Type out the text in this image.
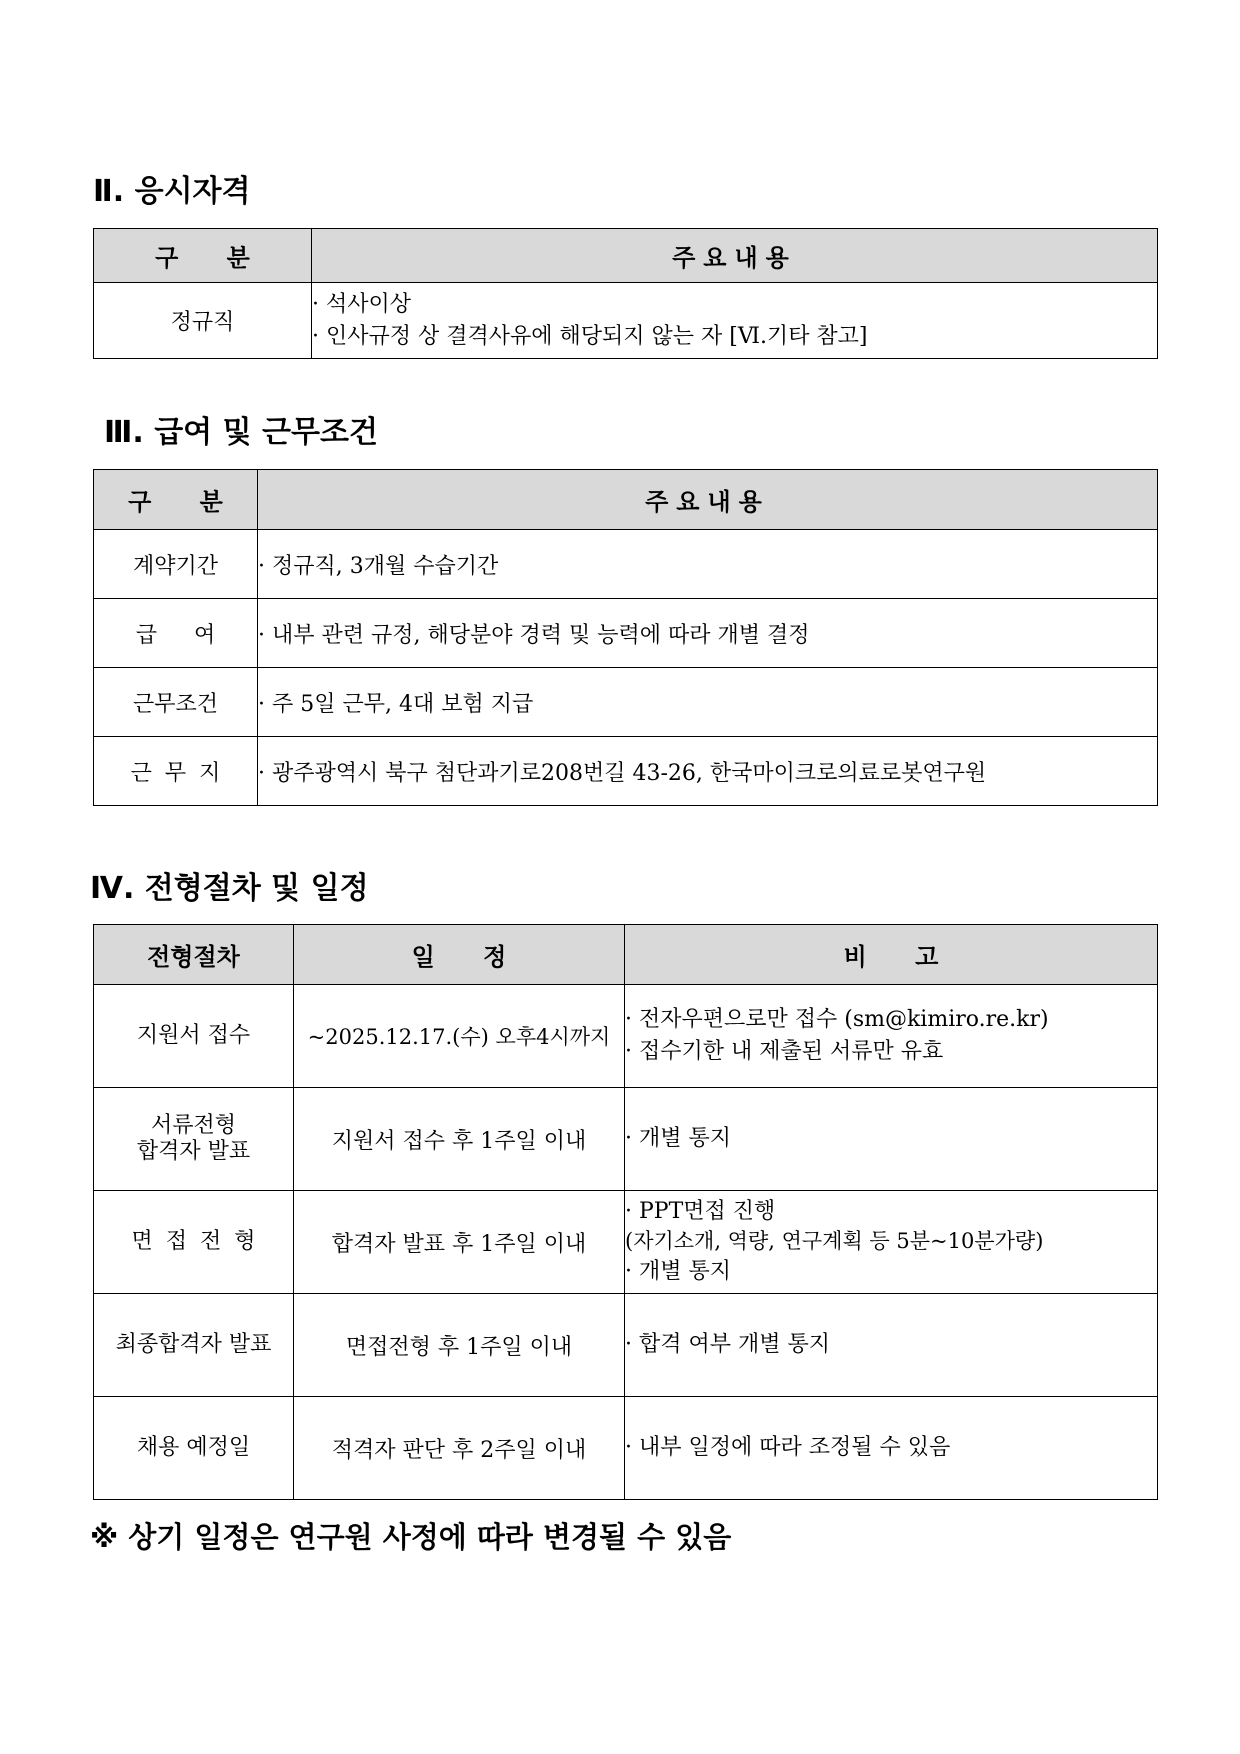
Ⅱ. 응시자격
구 분	주요내용
정규직	· 석사이상
· 인사규정 상 결격사유에 해당되지 않는 자 [Ⅵ.기타 참고]
Ⅲ. 급여 및 근무조건
구 분	주요내용
계약기간	· 정규직, 3개월 수습기간
급 여	· 내부 관련 규정, 해당분야 경력 및 능력에 따라 개별 결정
근무조건	· 주 5일 근무, 4대 보험 지급
근 무 지	· 광주광역시 북구 첨단과기로208번길 43-26, 한국마이크로의료로봇연구원
Ⅳ. 전형절차 및 일정
전형절차	일 정	비 고

지원서 접수	~2025.12.17.(수) 오후4시까지	· 전자우편으로만 접수 (sm@kimiro.re.kr)
· 접수기한 내 제출된 서류만 유효

서류전형
합격자 발표	지원서 접수 후 1주일 이내	· 개별 통지

면 접 전 형	합격자 발표 후 1주일 이내	· PPT면접 진행
(자기소개, 역량, 연구계획 등 5분~10분가량)
· 개별 통지

최종합격자 발표	면접전형 후 1주일 이내	· 합격 여부 개별 통지

채용 예정일	적격자 판단 후 2주일 이내	· 내부 일정에 따라 조정될 수 있음

※ 상기 일정은 연구원 사정에 따라 변경될 수 있음
